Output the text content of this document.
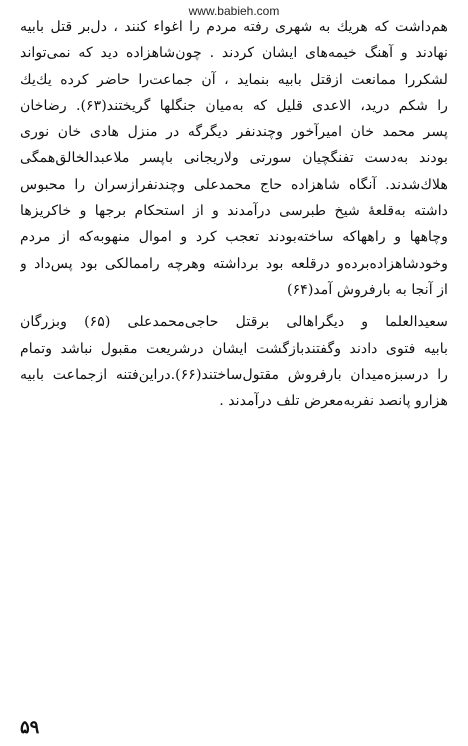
www.babieh.com
هم‌داشت که هریك به شهری رفته مردم را اغواء کنند ، دل‌بر قتل بابیه
نهادند و آهنگ خیمه‌های ایشان کردند . چون‌شاهزاده دید که نمی‌تواند
لشکررا ممانعت ازقتل بابیه بنماید ، آن جماعت‌را حاضر کرده یك‌یك‌
را شکم درید، الاعدی قلیل که به‌میان جنگلها گریختند(۶۳). رضاخان
پسر محمد خان امیرآخور وچندنفر دیگرگه در منزل هادی خان نوری
بودند به‌دست تفنگچیان سورتی ولاریجانی باپسر ملاعبدالخالق‌همگی
هلاك‌شدند. آنگاه شاهزاده حاج محمدعلی وچندنفرازسران را محبوس
داشته به‌قلعهٔ شیخ طبرسی درآمدند و از استحکام برجها و خاکریزها
وچاهها و راههاکه ساخته‌بودند تعجب کرد و اموال منهوبه‌که از مردم
وخودشاهزاده‌برده‌و درقلعه بود برداشته وهرچه راممالکی بود پس‌داد و
از آنجا به بارفروش آمد(۶۴)
سعیدالعلما و دیگراهالی برقتل حاجی‌محمدعلی (۶۵) وبزرگان
بابیه فتوی دادند وگفتندبازگشت ایشان درشریعت مقبول نباشد وتمام‌
را درسبزه‌میدان بارفروش مقتول‌ساختند(۶۶).دراین‌فتنه ازجماعت بابیه
هزارو پانصد نفربه‌معرض تلف درآمدند .
۵۹
